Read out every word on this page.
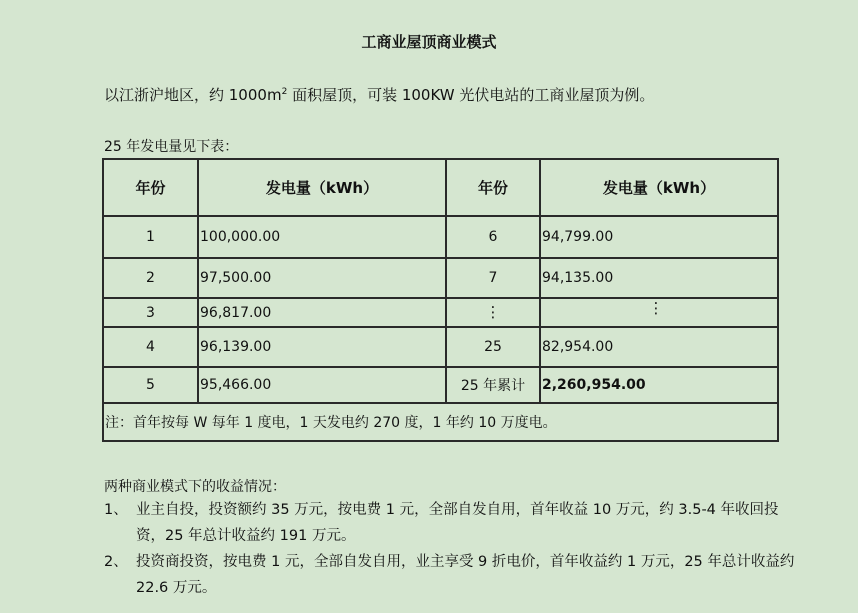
工商业屋顶商业模式
以江浙沪地区，约 $1000m^2$ 面积屋顶，可装 100KW 光伏电站的工商业屋顶为例。
25 年发电量见下表：
年份	发电量（kWh）	年份	发电量（kWh）
1	100,000.00	6	94,799.00
2	97,500.00	7	94,135.00
3	96,817.00	⋮	⋮
4	96,139.00	25	82,954.00
5	95,466.00	25 年累计	2,260,954.00
注：首年按每 W 每年 1 度电，1 天发电约 270 度，1 年约 10 万度电。			
两种商业模式下的收益情况：
1、 业主自投，投资额约 35 万元，按电费 1 元，全部自发自用，首年收益 10 万元，约 3.5-4 年收回投资，25 年总计收益约 191 万元。
2、 投资商投资，按电费 1 元，全部自发自用，业主享受 9 折电价，首年收益约 1 万元，25 年总计收益约 22.6 万元。
